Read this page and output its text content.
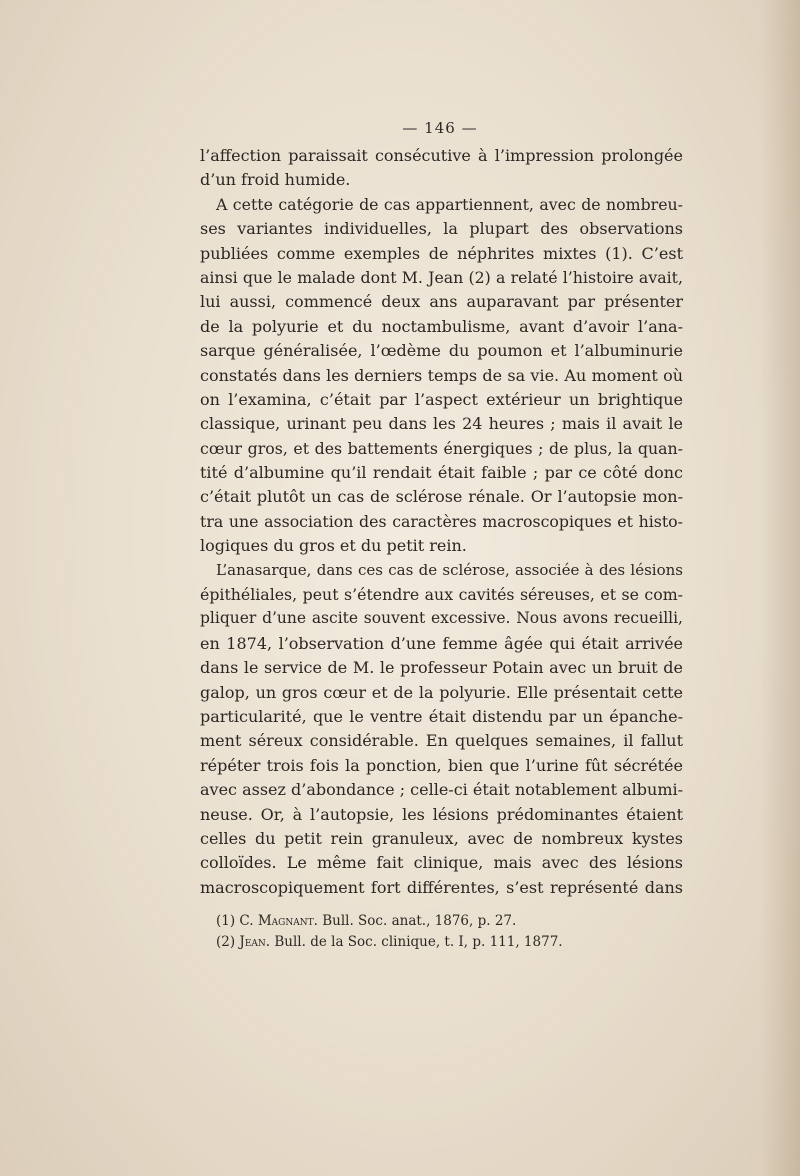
— 146 —
l’affection paraissait consécutive à l’impression prolongée
d’un froid humide.
A cette catégorie de cas appartiennent, avec de nombreu-
ses variantes individuelles, la plupart des observations
publiées comme exemples de néphrites mixtes (1). C’est
ainsi que le malade dont M. Jean (2) a relaté l’histoire avait,
lui aussi, commencé deux ans auparavant par présenter
de la polyurie et du noctambulisme, avant d’avoir l’ana-
sarque généralisée, l’œdème du poumon et l’albuminurie
constatés dans les derniers temps de sa vie. Au moment où
on l’examina, c’était par l’aspect extérieur un brightique
classique, urinant peu dans les 24 heures ; mais il avait le
cœur gros, et des battements énergiques ; de plus, la quan-
tité d’albumine qu’il rendait était faible ; par ce côté donc
c’était plutôt un cas de sclérose rénale. Or l’autopsie mon-
tra une association des caractères macroscopiques et histo-
logiques du gros et du petit rein.
L’anasarque, dans ces cas de sclérose, associée à des lésions
épithéliales, peut s’étendre aux cavités séreuses, et se com-
pliquer d’une ascite souvent excessive. Nous avons recueilli,
en 1874, l’observation d’une femme âgée qui était arrivée
dans le service de M. le professeur Potain avec un bruit de
galop, un gros cœur et de la polyurie. Elle présentait cette
particularité, que le ventre était distendu par un épanche-
ment séreux considérable. En quelques semaines, il fallut
répéter trois fois la ponction, bien que l’urine fût sécrétée
avec assez d’abondance ; celle-ci était notablement albumi-
neuse. Or, à l’autopsie, les lésions prédominantes étaient
celles du petit rein granuleux, avec de nombreux kystes
colloïdes. Le même fait clinique, mais avec des lésions
macroscopiquement fort différentes, s’est représenté dans
(1) C. Magnant. Bull. Soc. anat., 1876, p. 27.
(2) Jean. Bull. de la Soc. clinique, t. I, p. 111, 1877.
